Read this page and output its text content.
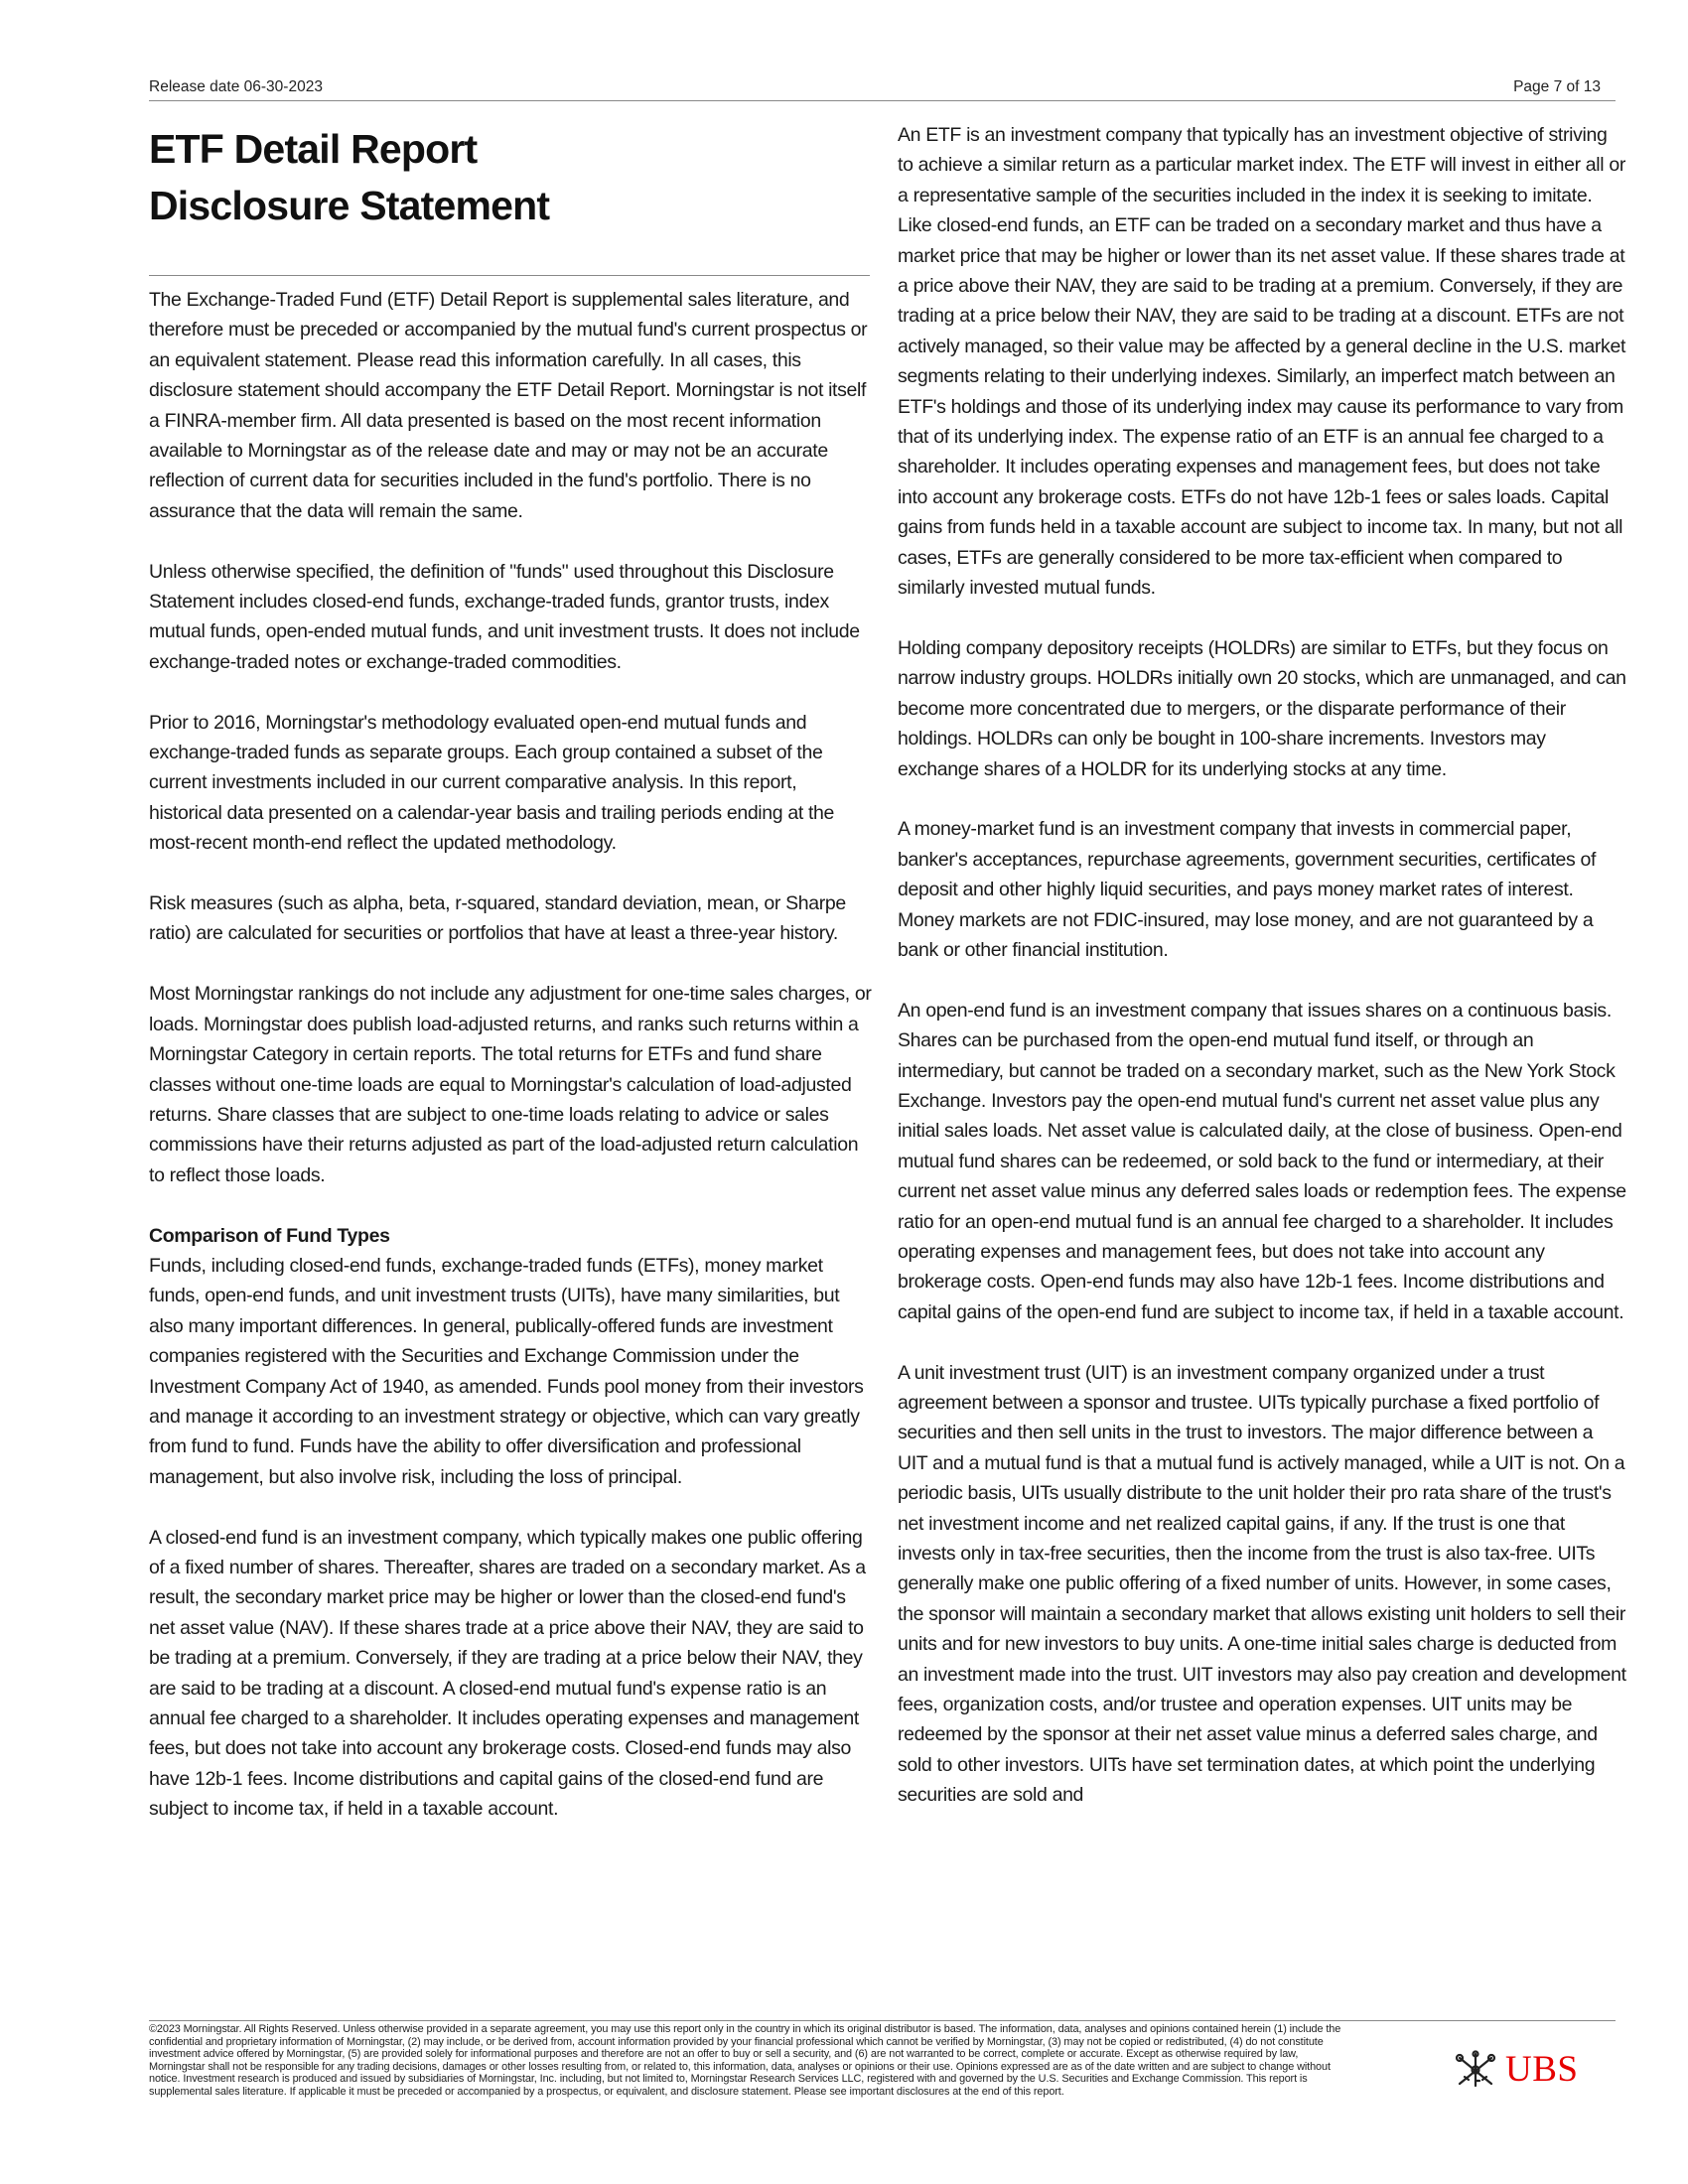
Release date 06-30-2023	Page 7 of 13
ETF Detail Report
Disclosure Statement

The Exchange-Traded Fund (ETF) Detail Report is supplemental sales literature, and therefore must be preceded or accompanied by the mutual fund's current prospectus or an equivalent statement. Please read this information carefully. In all cases, this disclosure statement should accompany the ETF Detail Report. Morningstar is not itself a FINRA-member firm. All data presented is based on the most recent information available to Morningstar as of the release date and may or may not be an accurate reflection of current data for securities included in the fund's portfolio. There is no assurance that the data will remain the same.

Unless otherwise specified, the definition of "funds" used throughout this Disclosure Statement includes closed-end funds, exchange-traded funds, grantor trusts, index mutual funds, open-ended mutual funds, and unit investment trusts. It does not include exchange-traded notes or exchange-traded commodities.

Prior to 2016, Morningstar's methodology evaluated open-end mutual funds and exchange-traded funds as separate groups. Each group contained a subset of the current investments included in our current comparative analysis. In this report, historical data presented on a calendar-year basis and trailing periods ending at the most-recent month-end reflect the updated methodology.

Risk measures (such as alpha, beta, r-squared, standard deviation, mean, or Sharpe ratio) are calculated for securities or portfolios that have at least a three-year history.

Most Morningstar rankings do not include any adjustment for one-time sales charges, or loads. Morningstar does publish load-adjusted returns, and ranks such returns within a Morningstar Category in certain reports. The total returns for ETFs and fund share classes without one-time loads are equal to Morningstar's calculation of load-adjusted returns. Share classes that are subject to one-time loads relating to advice or sales commissions have their returns adjusted as part of the load-adjusted return calculation to reflect those loads.

Comparison of Fund Types

Funds, including closed-end funds, exchange-traded funds (ETFs), money market funds, open-end funds, and unit investment trusts (UITs), have many similarities, but also many important differences. In general, publically-offered funds are investment companies registered with the Securities and Exchange Commission under the Investment Company Act of 1940, as amended. Funds pool money from their investors and manage it according to an investment strategy or objective, which can vary greatly from fund to fund. Funds have the ability to offer diversification and professional management, but also involve risk, including the loss of principal.

A closed-end fund is an investment company, which typically makes one public offering of a fixed number of shares. Thereafter, shares are traded on a secondary market. As a result, the secondary market price may be higher or lower than the closed-end fund's net asset value (NAV). If these shares trade at a price above their NAV, they are said to be trading at a premium. Conversely, if they are trading at a price below their NAV, they are said to be trading at a discount. A closed-end mutual fund's expense ratio is an annual fee charged to a shareholder. It includes operating expenses and management fees, but does not take into account any brokerage costs. Closed-end funds may also have 12b-1 fees. Income distributions and capital gains of the closed-end fund are subject to income tax, if held in a taxable account.

An ETF is an investment company that typically has an investment objective of striving to achieve a similar return as a particular market index. The ETF will invest in either all or a representative sample of the securities included in the index it is seeking to imitate. Like closed-end funds, an ETF can be traded on a secondary market and thus have a market price that may be higher or lower than its net asset value. If these shares trade at a price above their NAV, they are said to be trading at a premium. Conversely, if they are trading at a price below their NAV, they are said to be trading at a discount. ETFs are not actively managed, so their value may be affected by a general decline in the U.S. market segments relating to their underlying indexes. Similarly, an imperfect match between an ETF's holdings and those of its underlying index may cause its performance to vary from that of its underlying index. The expense ratio of an ETF is an annual fee charged to a shareholder. It includes operating expenses and management fees, but does not take into account any brokerage costs. ETFs do not have 12b-1 fees or sales loads. Capital gains from funds held in a taxable account are subject to income tax. In many, but not all cases, ETFs are generally considered to be more tax-efficient when compared to similarly invested mutual funds.

Holding company depository receipts (HOLDRs) are similar to ETFs, but they focus on narrow industry groups. HOLDRs initially own 20 stocks, which are unmanaged, and can become more concentrated due to mergers, or the disparate performance of their holdings. HOLDRs can only be bought in 100-share increments. Investors may exchange shares of a HOLDR for its underlying stocks at any time.

A money-market fund is an investment company that invests in commercial paper, banker's acceptances, repurchase agreements, government securities, certificates of deposit and other highly liquid securities, and pays money market rates of interest. Money markets are not FDIC-insured, may lose money, and are not guaranteed by a bank or other financial institution.

An open-end fund is an investment company that issues shares on a continuous basis. Shares can be purchased from the open-end mutual fund itself, or through an intermediary, but cannot be traded on a secondary market, such as the New York Stock Exchange. Investors pay the open-end mutual fund's current net asset value plus any initial sales loads. Net asset value is calculated daily, at the close of business. Open-end mutual fund shares can be redeemed, or sold back to the fund or intermediary, at their current net asset value minus any deferred sales loads or redemption fees. The expense ratio for an open-end mutual fund is an annual fee charged to a shareholder. It includes operating expenses and management fees, but does not take into account any brokerage costs. Open-end funds may also have 12b-1 fees. Income distributions and capital gains of the open-end fund are subject to income tax, if held in a taxable account.

A unit investment trust (UIT) is an investment company organized under a trust agreement between a sponsor and trustee. UITs typically purchase a fixed portfolio of securities and then sell units in the trust to investors. The major difference between a UIT and a mutual fund is that a mutual fund is actively managed, while a UIT is not. On a periodic basis, UITs usually distribute to the unit holder their pro rata share of the trust's net investment income and net realized capital gains, if any. If the trust is one that invests only in tax-free securities, then the income from the trust is also tax-free. UITs generally make one public offering of a fixed number of units. However, in some cases, the sponsor will maintain a secondary market that allows existing unit holders to sell their units and for new investors to buy units. A one-time initial sales charge is deducted from an investment made into the trust. UIT investors may also pay creation and development fees, organization costs, and/or trustee and operation expenses. UIT units may be redeemed by the sponsor at their net asset value minus a deferred sales charge, and sold to other investors. UITs have set termination dates, at which point the underlying securities are sold and

©2023 Morningstar. All Rights Reserved. Unless otherwise provided in a separate agreement, you may use this report only in the country in which its original distributor is based. The information, data, analyses and opinions contained herein (1) include the confidential and proprietary information of Morningstar, (2) may include, or be derived from, account information provided by your financial professional which cannot be verified by Morningstar, (3) may not be copied or redistributed, (4) do not constitute investment advice offered by Morningstar, (5) are provided solely for informational purposes and therefore are not an offer to buy or sell a security, and (6) are not warranted to be correct, complete or accurate. Except as otherwise required by law, Morningstar shall not be responsible for any trading decisions, damages or other losses resulting from, or related to, this information, data, analyses or opinions or their use. Opinions expressed are as of the date written and are subject to change without notice. Investment research is produced and issued by subsidiaries of Morningstar, Inc. including, but not limited to, Morningstar Research Services LLC, registered with and governed by the U.S. Securities and Exchange Commission. This report is supplemental sales literature. If applicable it must be preceded or accompanied by a prospectus, or equivalent, and disclosure statement. Please see important disclosures at the end of this report.
UBS
